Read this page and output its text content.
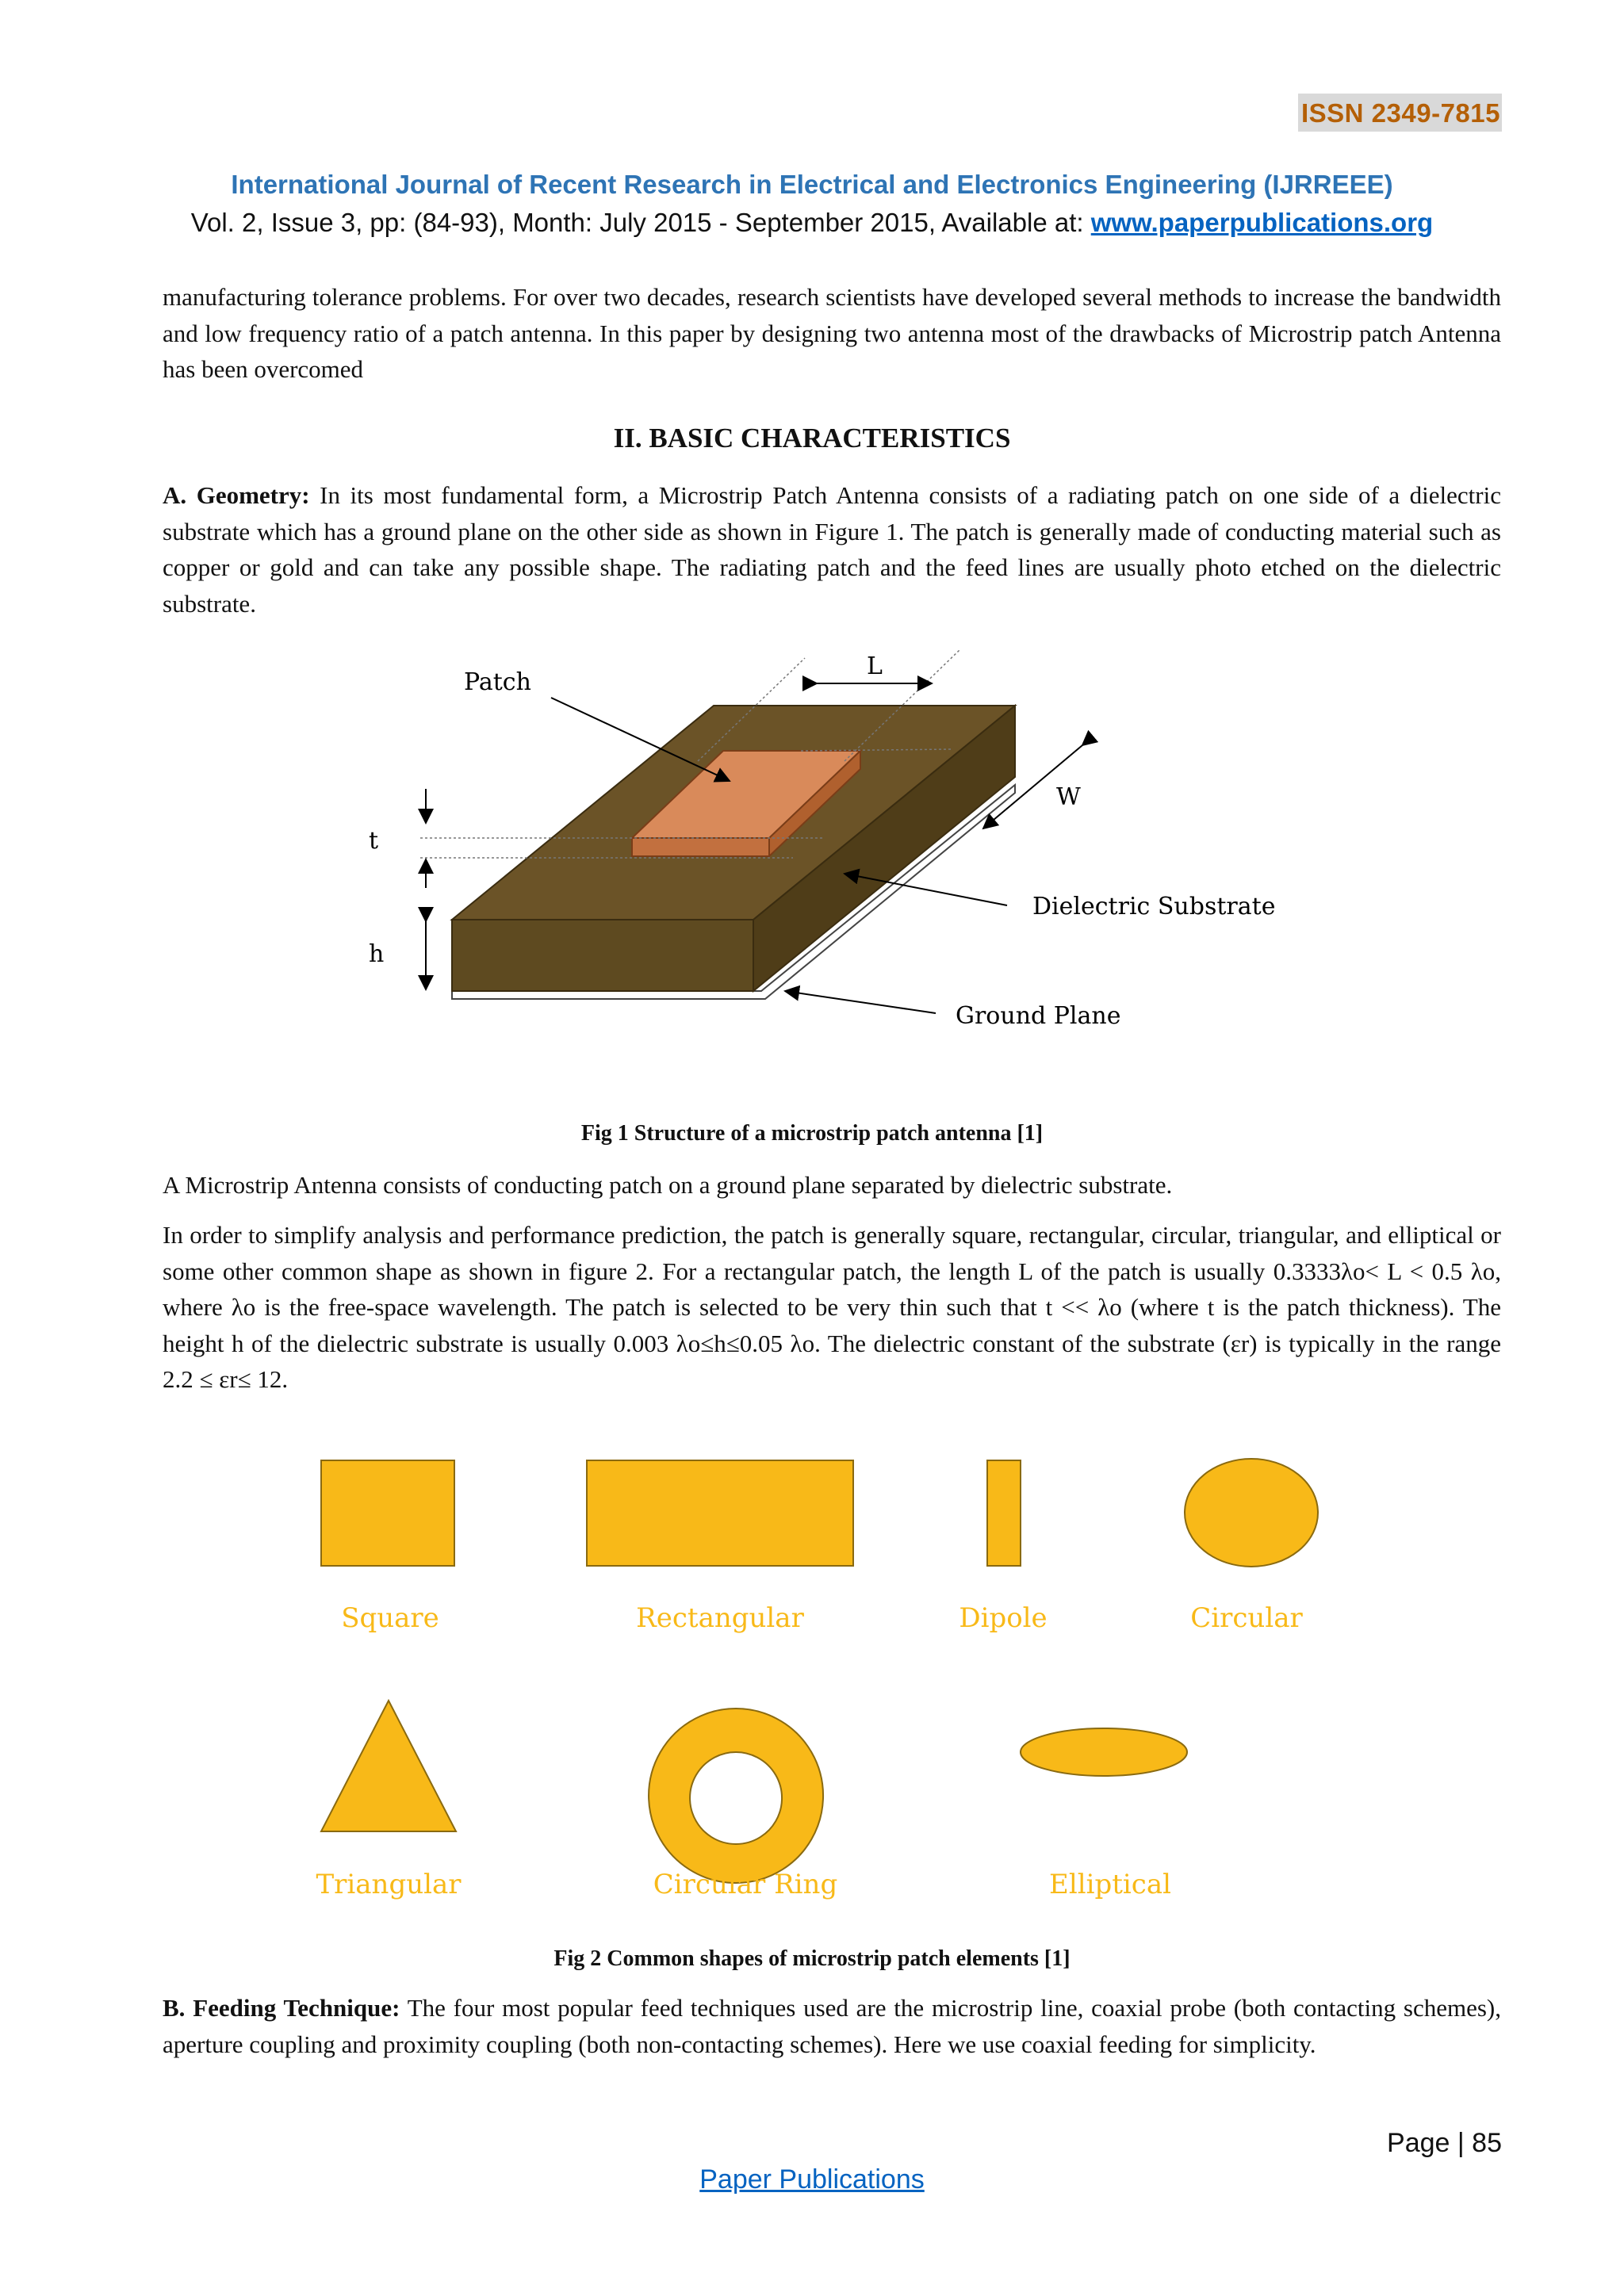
ISSN 2349-7815
International Journal of Recent Research in Electrical and Electronics Engineering (IJRREEE)
Vol. 2, Issue 3, pp: (84-93), Month: July 2015 - September 2015, Available at: www.paperpublications.org
manufacturing tolerance problems. For over two decades, research scientists have developed several methods to increase the bandwidth and low frequency ratio of a patch antenna. In this paper by designing two antenna most of the drawbacks of Microstrip patch Antenna has been overcomed
II. BASIC CHARACTERISTICS
A. Geometry: In its most fundamental form, a Microstrip Patch Antenna consists of a radiating patch on one side of a dielectric substrate which has a ground plane on the other side as shown in Figure 1. The patch is generally made of conducting material such as copper or gold and can take any possible shape. The radiating patch and the feed lines are usually photo etched on the dielectric substrate.
L
W
Patch
t
h
Dielectric Substrate
Ground Plane
Fig 1 Structure of a microstrip patch antenna [1]
A Microstrip Antenna consists of conducting patch on a ground plane separated by dielectric substrate.
In order to simplify analysis and performance prediction, the patch is generally square, rectangular, circular, triangular, and elliptical or some other common shape as shown in figure 2. For a rectangular patch, the length L of the patch is usually 0.3333λo< L < 0.5 λo, where λo is the free-space wavelength. The patch is selected to be very thin such that t << λo (where t is the patch thickness). The height h of the dielectric substrate is usually 0.003 λo≤h≤0.05 λo. The dielectric constant of the substrate (εr) is typically in the range 2.2 ≤ εr≤ 12.
Square	Rectangular	Dipole	Circular
Triangular	Circular Ring	Elliptical
Fig 2 Common shapes of microstrip patch elements [1]
B. Feeding Technique: The four most popular feed techniques used are the microstrip line, coaxial probe (both contacting schemes), aperture coupling and proximity coupling (both non-contacting schemes). Here we use coaxial feeding for simplicity.
Page | 85
Paper Publications
